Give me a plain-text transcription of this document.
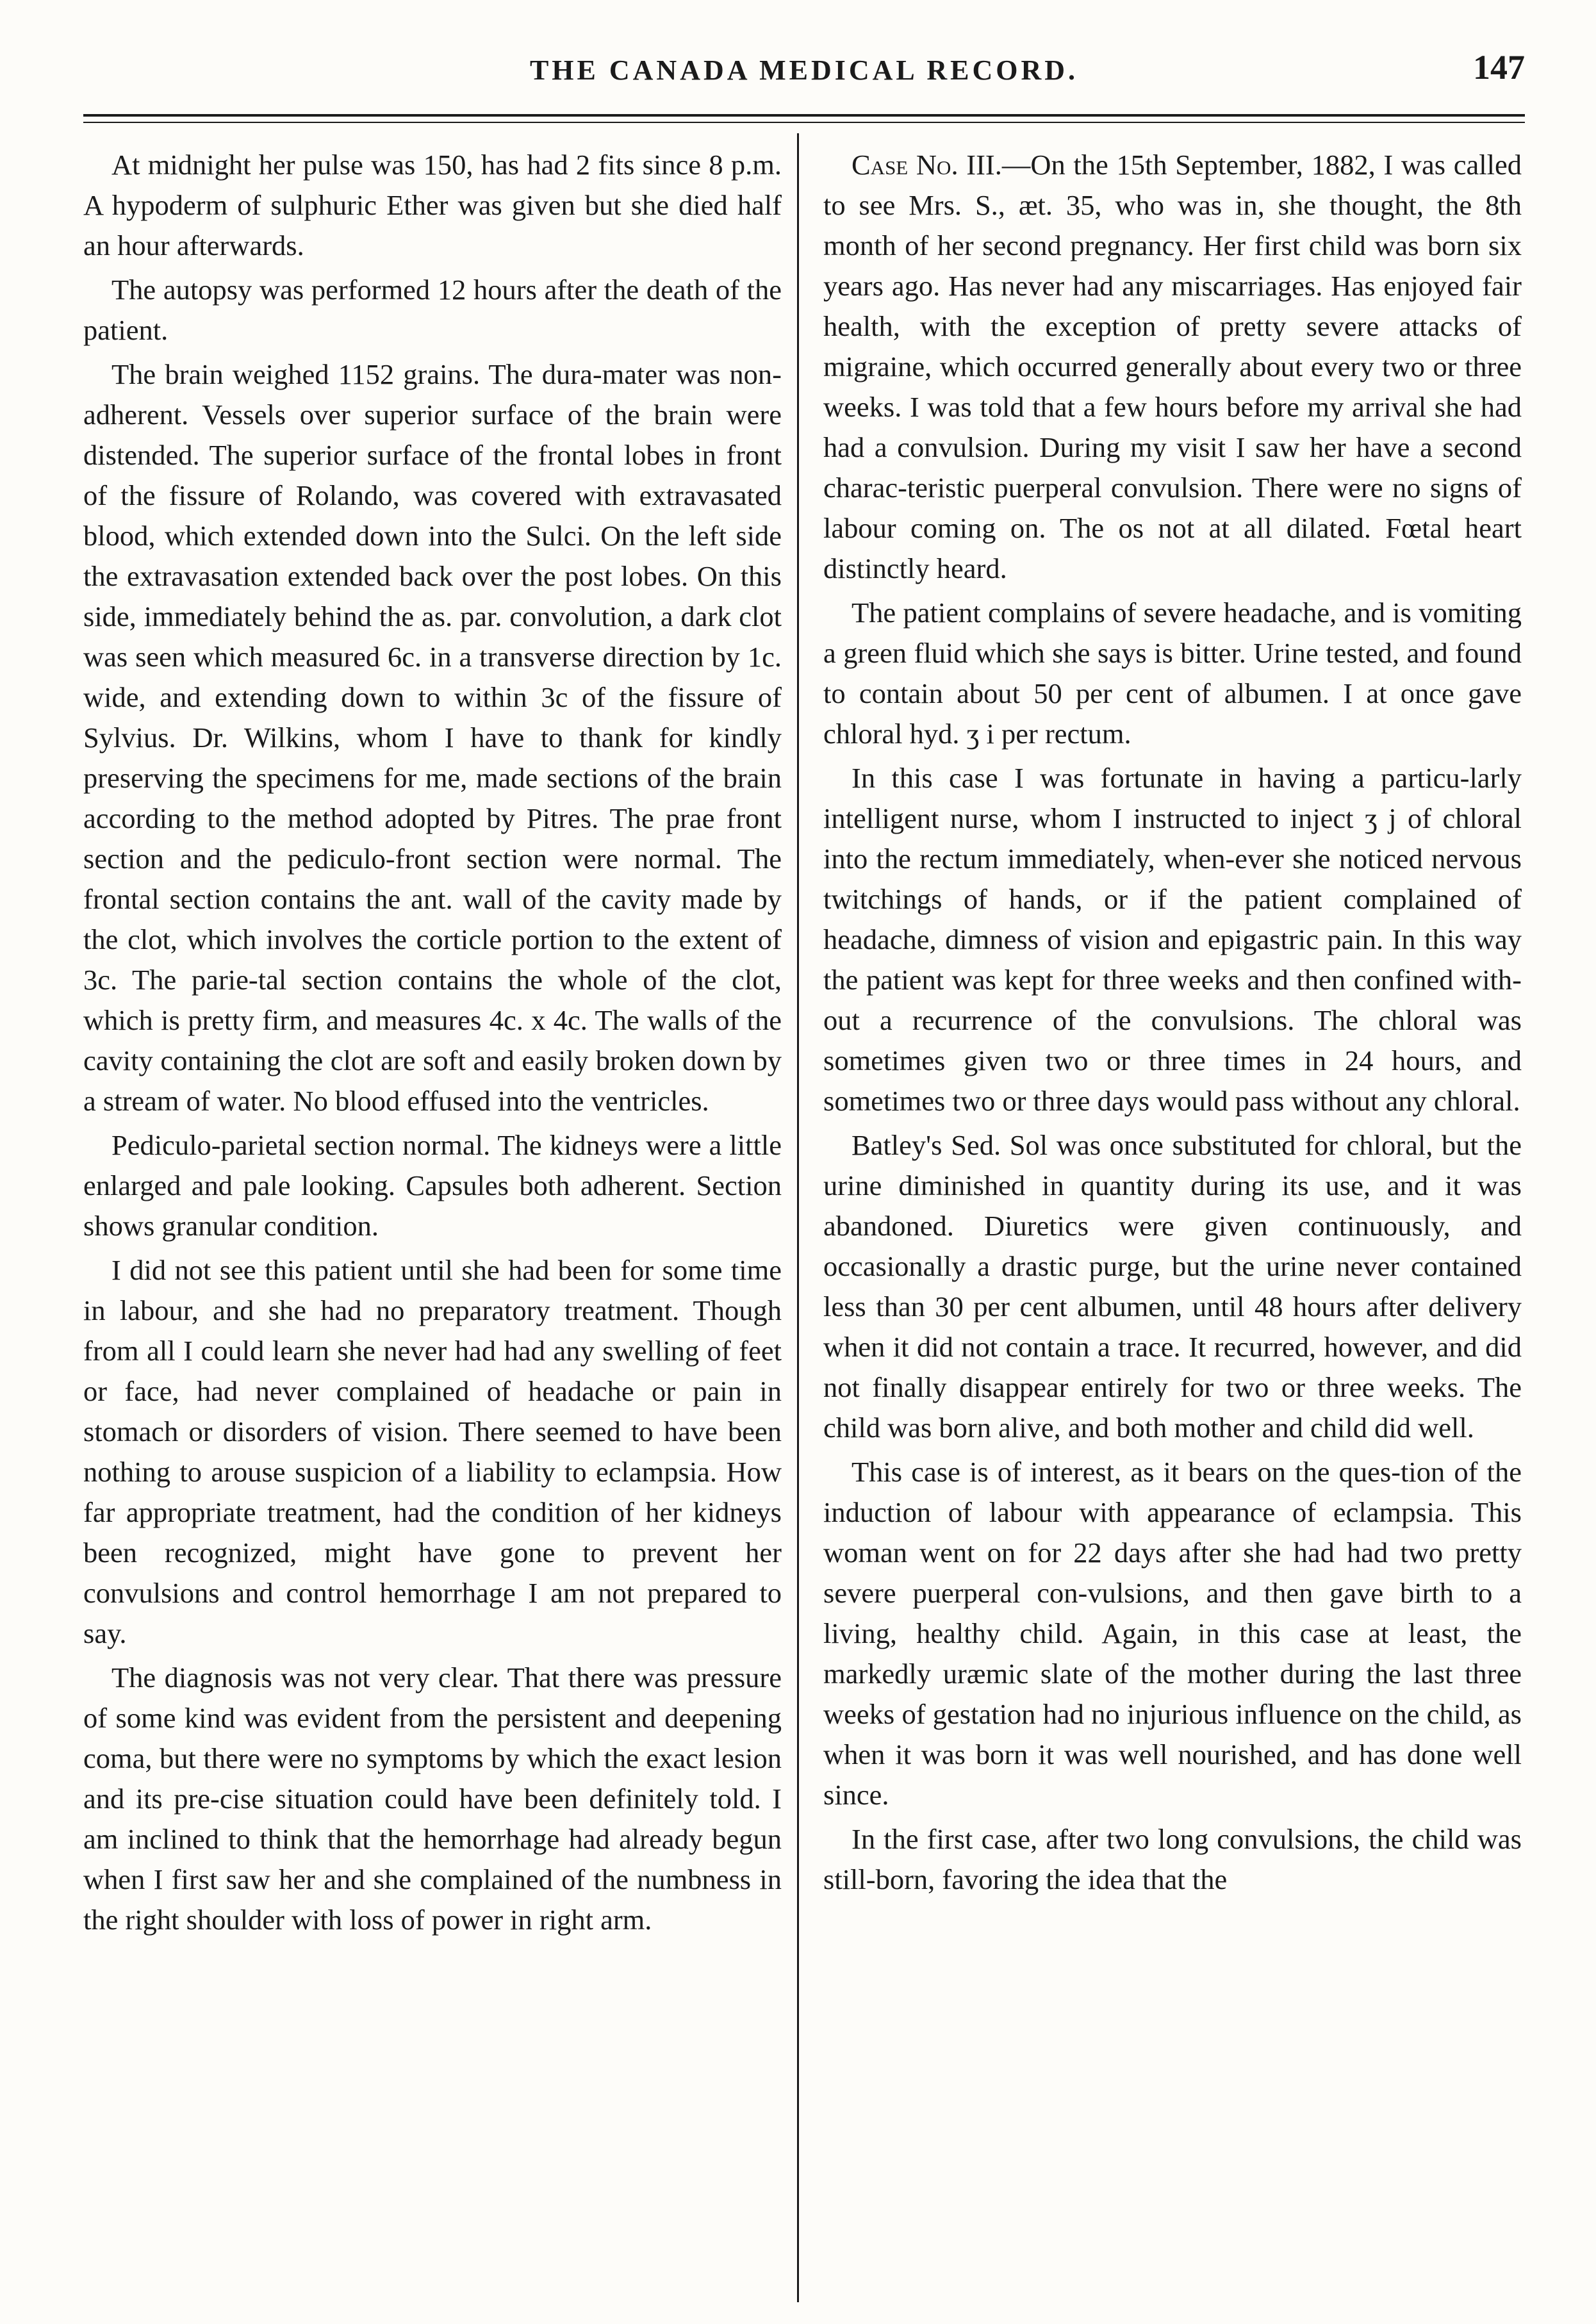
THE CANADA MEDICAL RECORD.	147

At midnight her pulse was 150, has had 2 fits since 8 p.m. A hypoderm of sulphuric Ether was given but she died half an hour afterwards.

The autopsy was performed 12 hours after the death of the patient.

The brain weighed 1152 grains. The dura-mater was non-adherent. Vessels over superior surface of the brain were distended. The superior surface of the frontal lobes in front of the fissure of Rolando, was covered with extravasated blood, which extended down into the Sulci. On the left side the extravasation extended back over the post lobes. On this side, immediately behind the as. par. convolution, a dark clot was seen which measured 6c. in a transverse direction by 1c. wide, and extending down to within 3c of the fissure of Sylvius. Dr. Wilkins, whom I have to thank for kindly preserving the specimens for me, made sections of the brain according to the method adopted by Pitres. The prae front section and the pediculo-front section were normal. The frontal section contains the ant. wall of the cavity made by the clot, which involves the corticle portion to the extent of 3c. The parie-tal section contains the whole of the clot, which is pretty firm, and measures 4c. x 4c. The walls of the cavity containing the clot are soft and easily broken down by a stream of water. No blood effused into the ventricles.

Pediculo-parietal section normal. The kidneys were a little enlarged and pale looking. Capsules both adherent. Section shows granular condition.

I did not see this patient until she had been for some time in labour, and she had no preparatory treatment. Though from all I could learn she never had had any swelling of feet or face, had never complained of headache or pain in stomach or disorders of vision. There seemed to have been nothing to arouse suspicion of a liability to eclampsia. How far appropriate treatment, had the condition of her kidneys been recognized, might have gone to prevent her convulsions and control hemorrhage I am not prepared to say.

The diagnosis was not very clear. That there was pressure of some kind was evident from the persistent and deepening coma, but there were no symptoms by which the exact lesion and its pre-cise situation could have been definitely told. I am inclined to think that the hemorrhage had already begun when I first saw her and she complained of the numbness in the right shoulder with loss of power in right arm.

Case No. III.—On the 15th September, 1882, I was called to see Mrs. S., æt. 35, who was in, she thought, the 8th month of her second pregnancy. Her first child was born six years ago. Has never had any miscarriages. Has enjoyed fair health, with the exception of pretty severe attacks of migraine, which occurred generally about every two or three weeks. I was told that a few hours before my arrival she had had a convulsion. During my visit I saw her have a second charac-teristic puerperal convulsion. There were no signs of labour coming on. The os not at all dilated. Fœtal heart distinctly heard.

The patient complains of severe headache, and is vomiting a green fluid which she says is bitter. Urine tested, and found to contain about 50 per cent of albumen. I at once gave chloral hyd. ʒ i per rectum.

In this case I was fortunate in having a particu-larly intelligent nurse, whom I instructed to inject ʒ j of chloral into the rectum immediately, when-ever she noticed nervous twitchings of hands, or if the patient complained of headache, dimness of vision and epigastric pain. In this way the patient was kept for three weeks and then confined with-out a recurrence of the convulsions. The chloral was sometimes given two or three times in 24 hours, and sometimes two or three days would pass without any chloral.

Batley's Sed. Sol was once substituted for chloral, but the urine diminished in quantity during its use, and it was abandoned. Diuretics were given continuously, and occasionally a drastic purge, but the urine never contained less than 30 per cent albumen, until 48 hours after delivery when it did not contain a trace. It recurred, however, and did not finally disappear entirely for two or three weeks. The child was born alive, and both mother and child did well.

This case is of interest, as it bears on the ques-tion of the induction of labour with appearance of eclampsia. This woman went on for 22 days after she had had two pretty severe puerperal con-vulsions, and then gave birth to a living, healthy child. Again, in this case at least, the markedly uræmic slate of the mother during the last three weeks of gestation had no injurious influence on the child, as when it was born it was well nourished, and has done well since.

In the first case, after two long convulsions, the child was still-born, favoring the idea that the
